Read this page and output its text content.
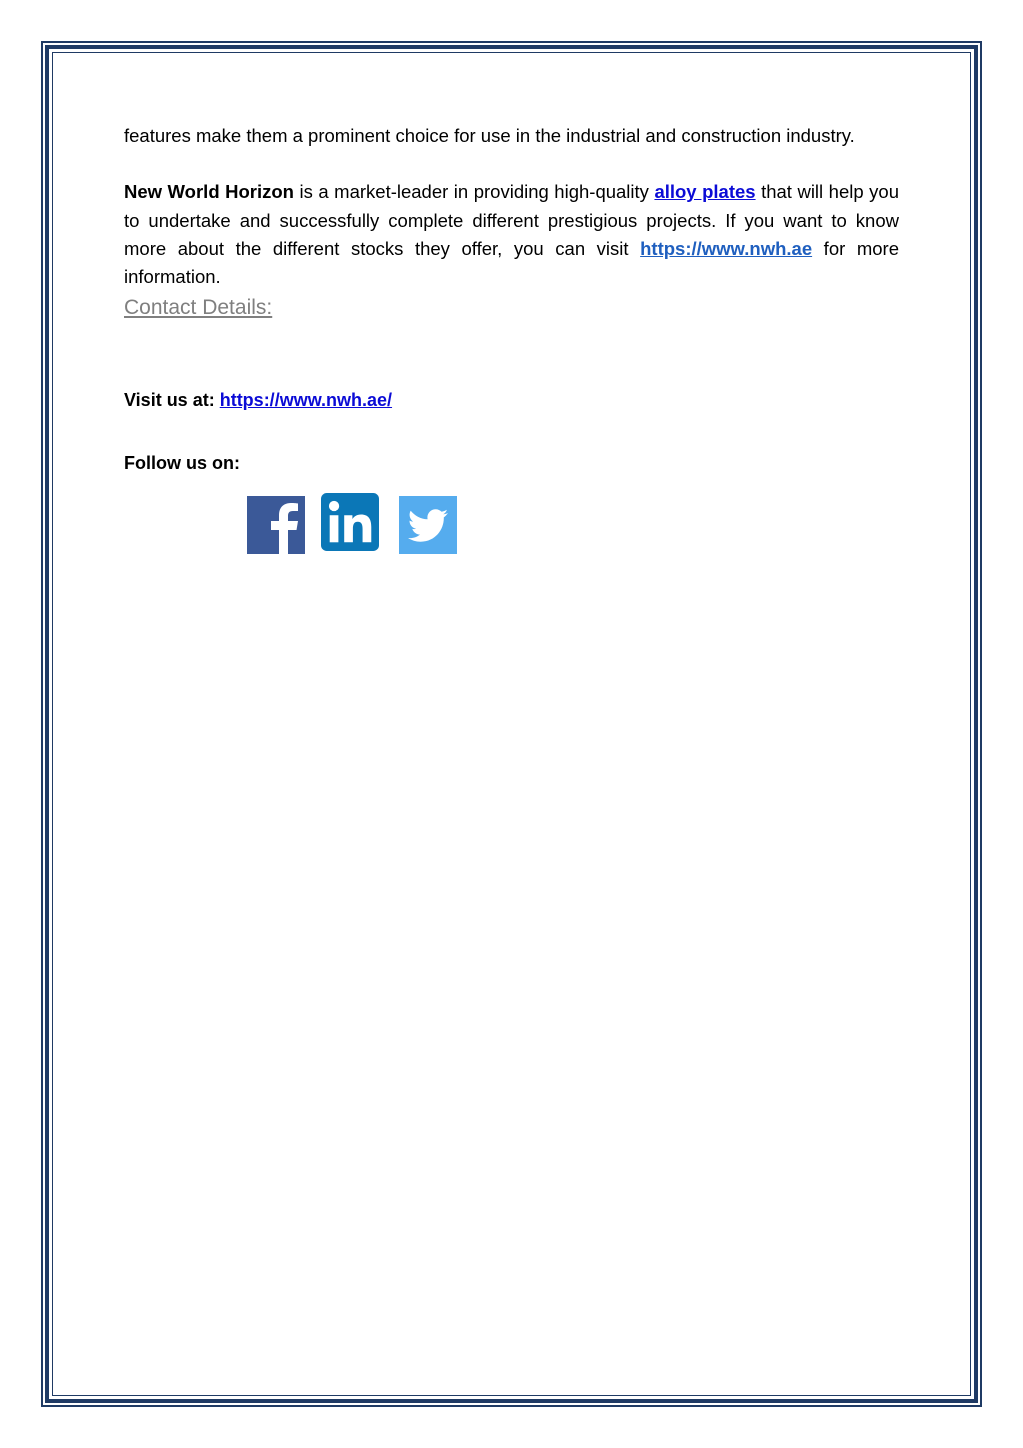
features make them a prominent choice for use in the industrial and construction industry.

New World Horizon is a market-leader in providing high-quality alloy plates that will help you to undertake and successfully complete different prestigious projects. If you want to know more about the different stocks they offer, you can visit https://www.nwh.ae for more information.

Contact Details:
Visit us at: https://www.nwh.ae/
Follow us on:
